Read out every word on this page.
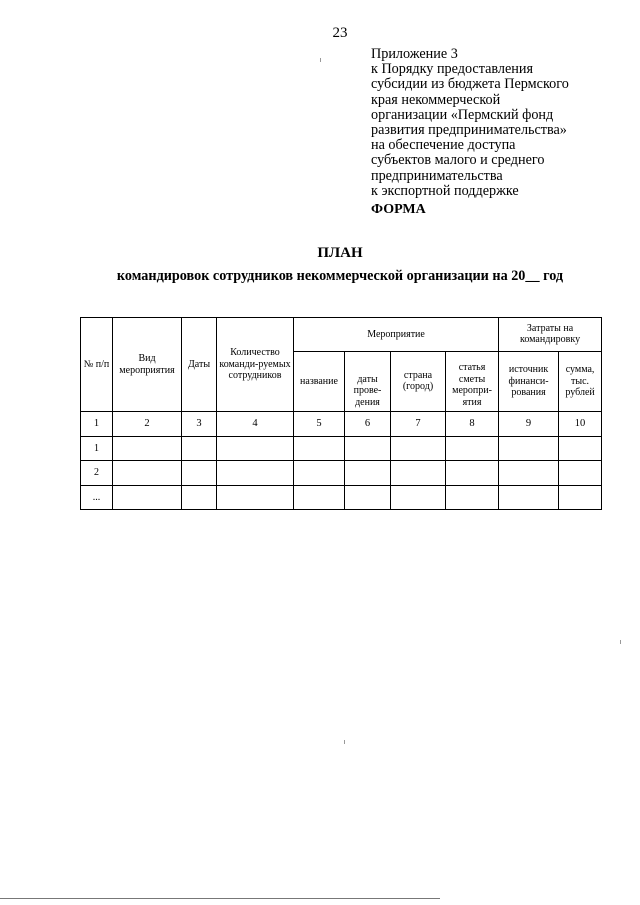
23
Приложение 3
к Порядку предоставления
субсидии из бюджета Пермского
края некоммерческой
организации «Пермский фонд
развития предпринимательства»
на обеспечение доступа
субъектов малого и среднего
предпринимательства
к экспортной поддержке
ФОРМА
ПЛАН
командировок сотрудников некоммерческой организации на 20__ год
№ п/п	Вид мероприятия	Даты	Количество команди-руемых сотрудников	Мероприятие				Затраты на командировку	
				название	даты прове-дения	страна (город)	статья сметы меропри-ятия	источник финанси-рования	сумма, тыс. рублей
1	2	3	4	5	6	7	8	9	10
1									
2									
...									
